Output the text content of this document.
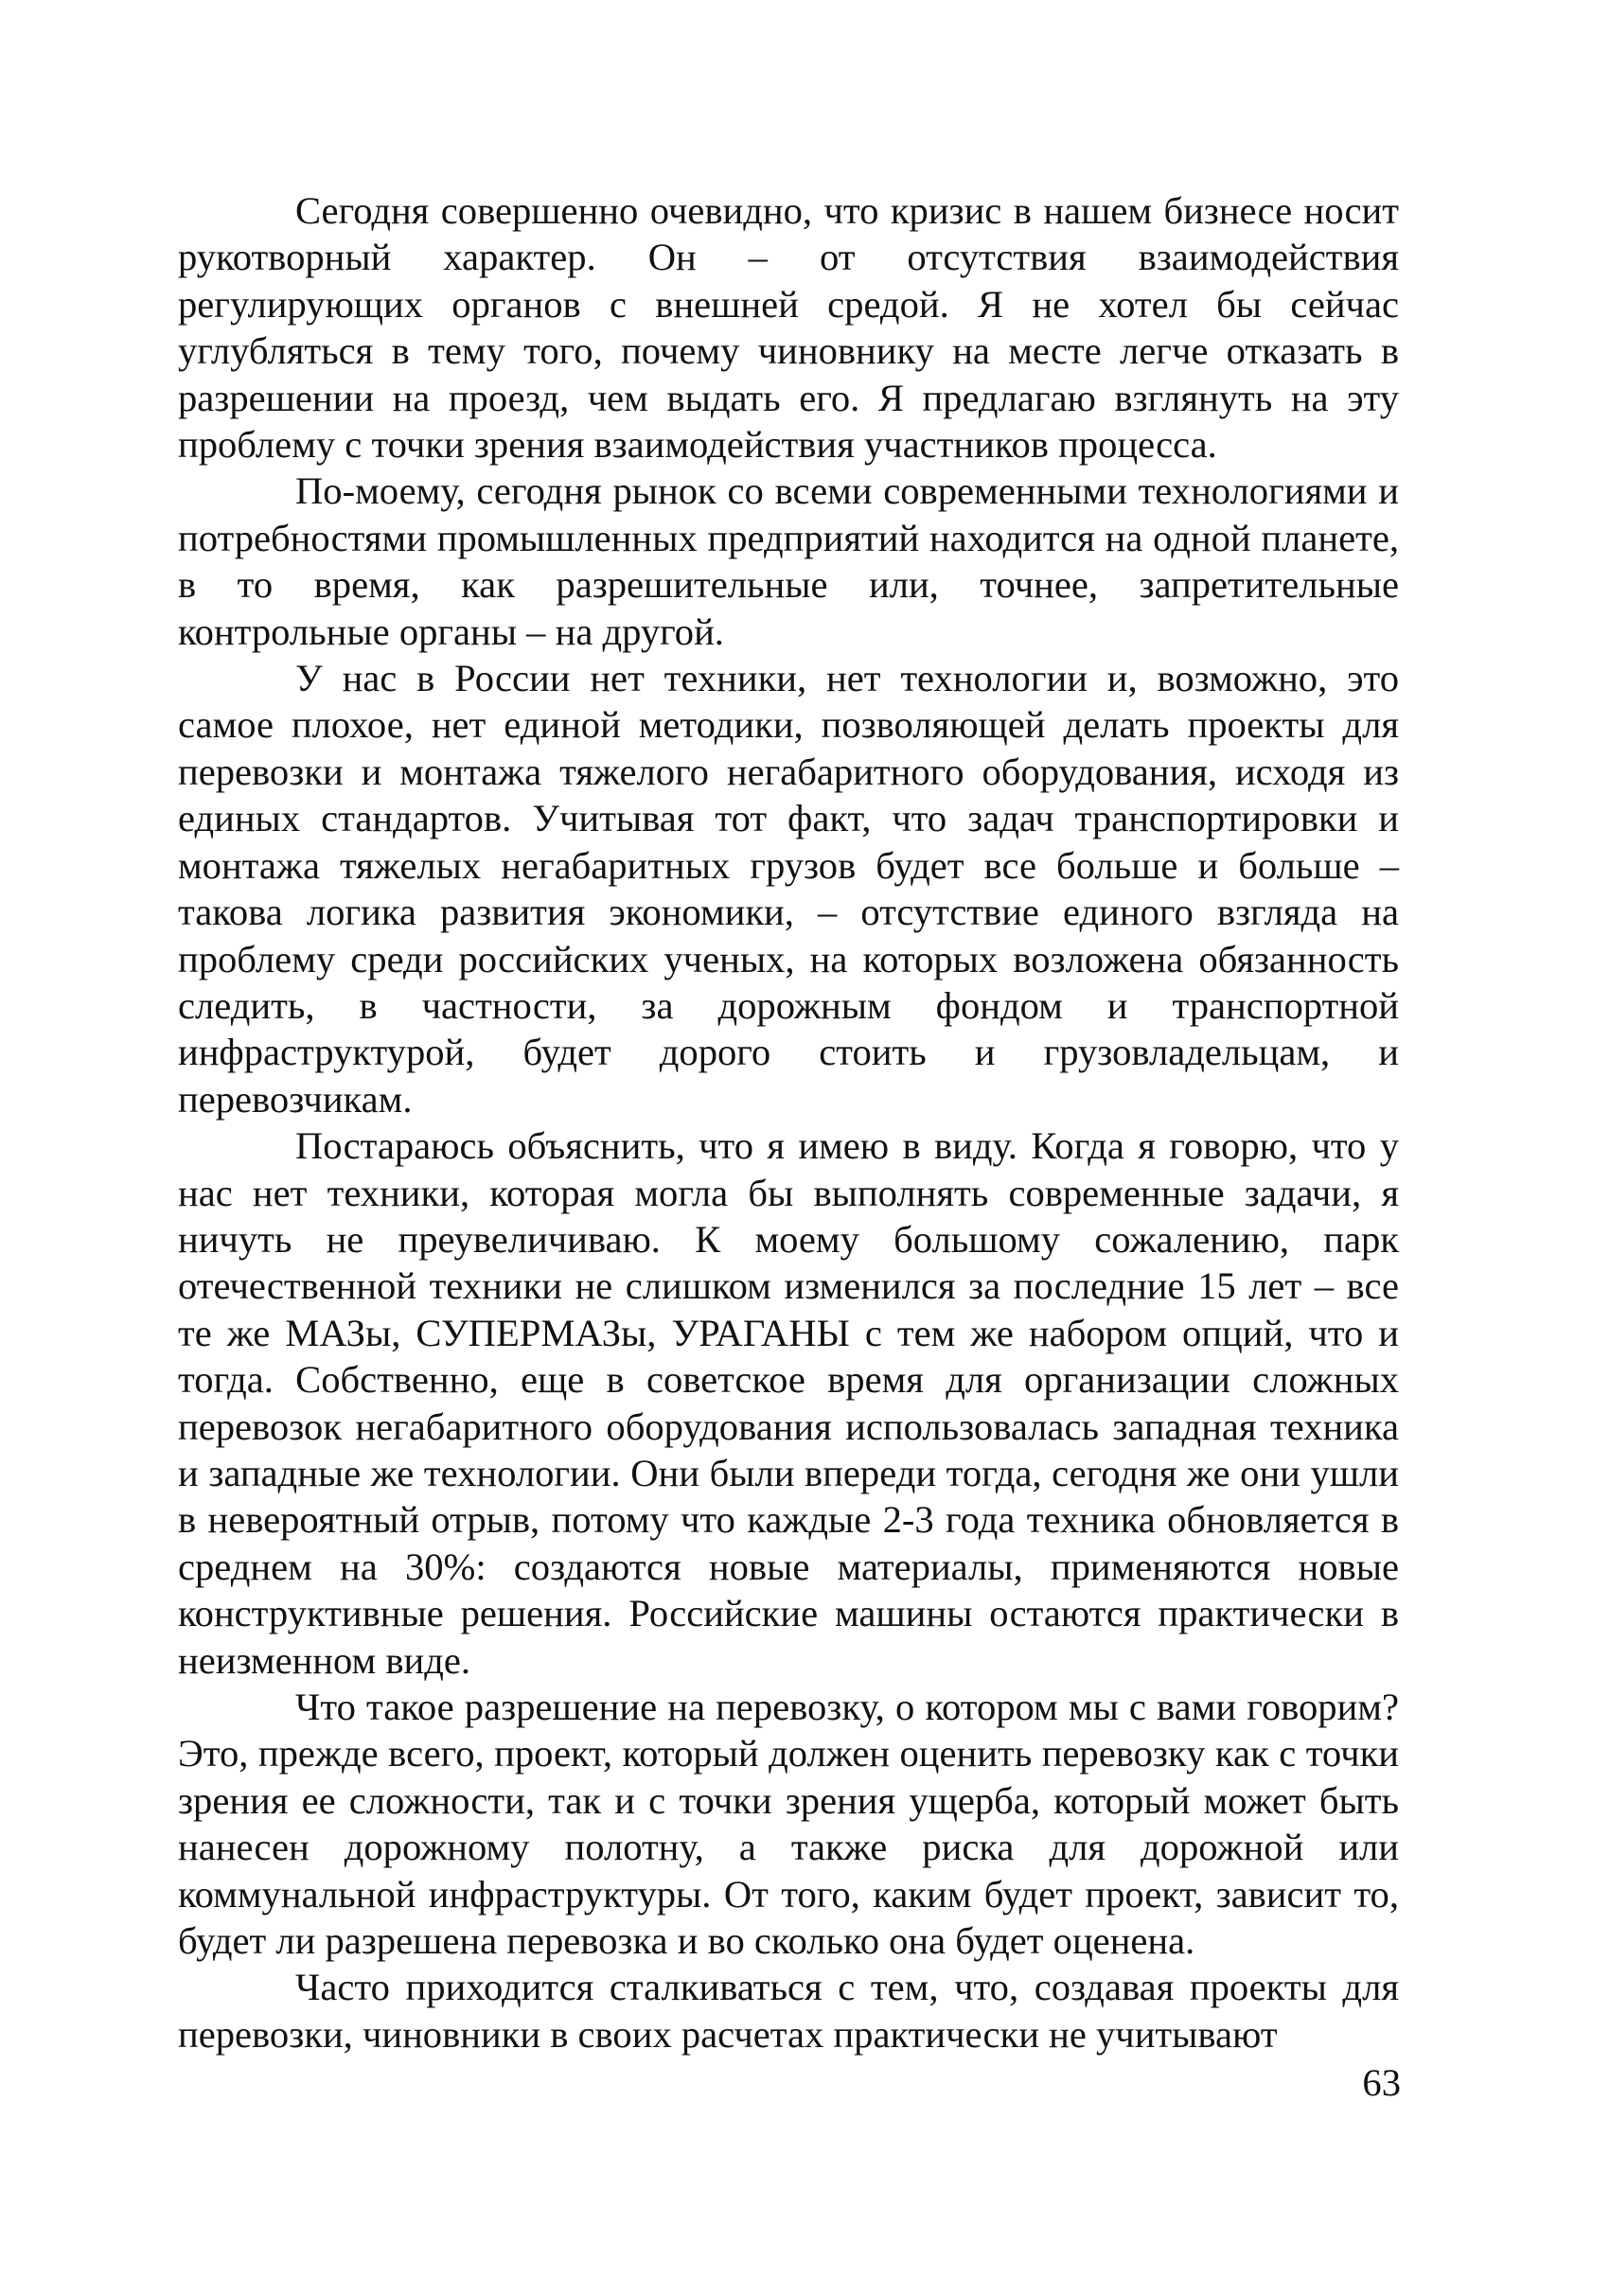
Сегодня совершенно очевидно, что кризис в нашем бизнесе носит рукотворный характер. Он – от отсутствия взаимодействия регулирующих органов с внешней средой. Я не хотел бы сейчас углубляться в тему того, почему чиновнику на месте легче отказать в разрешении на проезд, чем выдать его. Я предлагаю взглянуть на эту проблему с точки зрения взаимодействия участников процесса.

По-моему, сегодня рынок со всеми современными технологиями и потребностями промышленных предприятий находится на одной планете, в то время, как разрешительные или, точнее, запретительные контрольные органы – на другой.

У нас в России нет техники, нет технологии и, возможно, это самое плохое, нет единой методики, позволяющей делать проекты для перевозки и монтажа тяжелого негабаритного оборудования, исходя из единых стандартов. Учитывая тот факт, что задач транспортировки и монтажа тяжелых негабаритных грузов будет все больше и больше – такова логика развития экономики, – отсутствие единого взгляда на проблему среди российских ученых, на которых возложена обязанность следить, в частности, за дорожным фондом и транспортной инфраструктурой, будет дорого стоить и грузовладельцам, и перевозчикам.

Постараюсь объяснить, что я имею в виду. Когда я говорю, что у нас нет техники, которая могла бы выполнять современные задачи, я ничуть не преувеличиваю. К моему большому сожалению, парк отечественной техники не слишком изменился за последние 15 лет – все те же МАЗы, СУПЕРМАЗы, УРАГАНЫ с тем же набором опций, что и тогда. Собственно, еще в советское время для организации сложных перевозок негабаритного оборудования использовалась западная техника и западные же технологии. Они были впереди тогда, сегодня же они ушли в невероятный отрыв, потому что каждые 2-3 года техника обновляется в среднем на 30%: создаются новые материалы, применяются новые конструктивные решения. Российские машины остаются практически в неизменном виде.

Что такое разрешение на перевозку, о котором мы с вами говорим? Это, прежде всего, проект, который должен оценить перевозку как с точки зрения ее сложности, так и с точки зрения ущерба, который может быть нанесен дорожному полотну, а также риска для дорожной или коммунальной инфраструктуры. От того, каким будет проект, зависит то, будет ли разрешена перевозка и во сколько она будет оценена.

Часто приходится сталкиваться с тем, что, создавая проекты для перевозки, чиновники в своих расчетах практически не учитывают

63
